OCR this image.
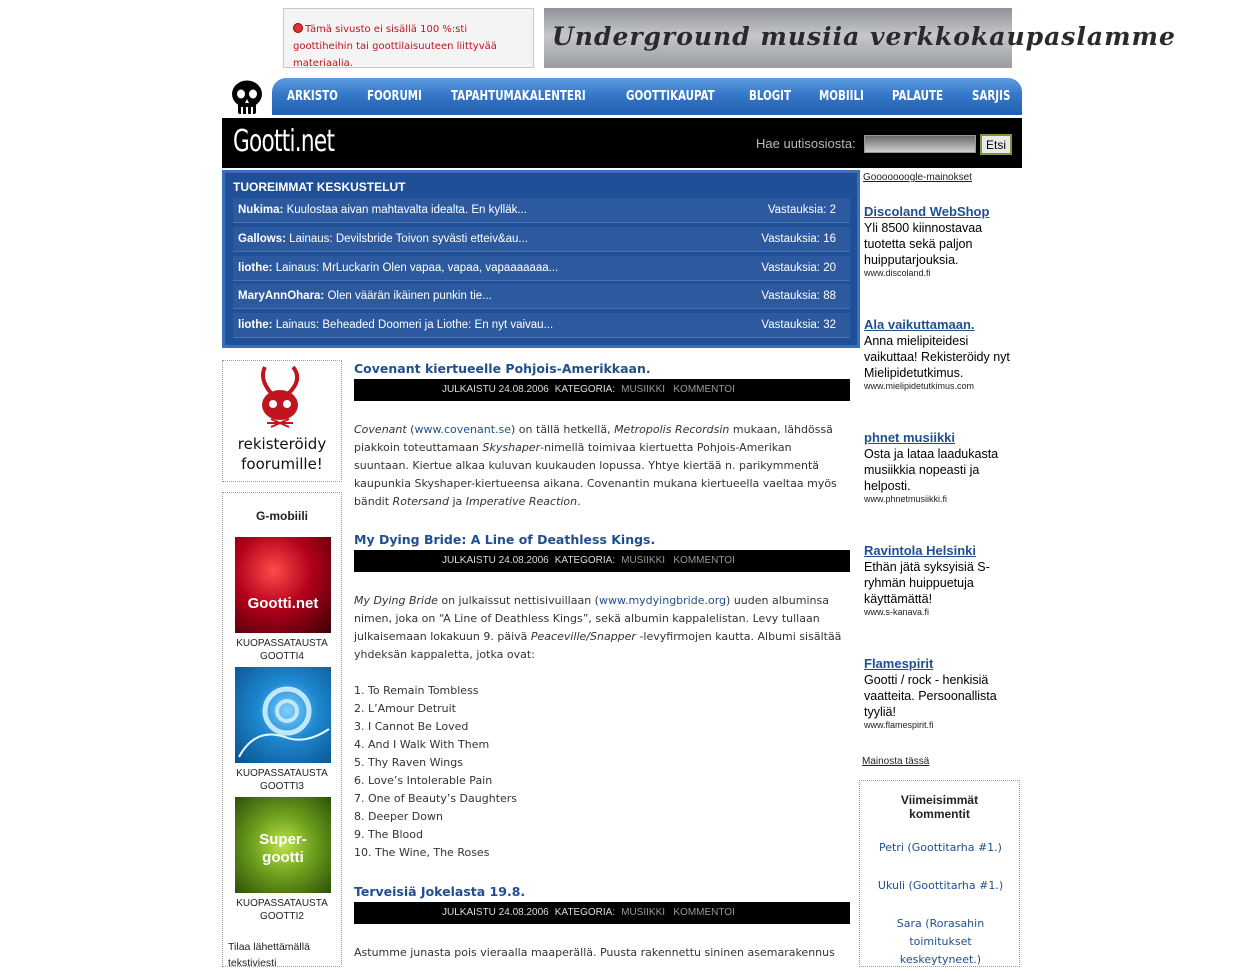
Tämä sivusto ei sisällä 100 %:sti goottiheihin tai goottilaisuuteen liittyvää materiaalia.
Underground musiia verkkokaupaslamme
ARKISTO FOORUMI TAPAHTUMAKALENTERI	GOOTTIKAUPAT	BLOGIT MOBIILI PALAUTE SARJIS
Gootti.net	Hae uutisosiosta:	Etsi
TUOREIMMAT KESKUSTELUT
Nukima: Kuulostaa aivan mahtavalta idealta. En kylläk...	Vastauksia: 2
Gallows: Lainaus: Devilsbride Toivon syvästi etteiv&au...	Vastauksia: 16
liothe: Lainaus: MrLuckarin Olen vapaa, vapaa, vapaaaaaaa...	Vastauksia: 20
MaryAnnOhara: Olen väärän ikäinen punkin tie...	Vastauksia: 88
liothe: Lainaus: Beheaded Doomeri ja Liothe: En nyt vaivau...	Vastauksia: 32
rekisteröidy
foorumille!
G-mobiili
Gootti.net
KUOPASSATAUSTA
GOOTTI4
KUOPASSATAUSTA
GOOTTI3
Super-gootti
KUOPASSATAUSTA
GOOTTI2
Tilaa lähettämällä
tekstiviesti
Covenant kiertueelle Pohjois-Amerikkaan.
JULKAISTU 24.08.2006 KATEGORIA: MUSIIKKI KOMMENTOI
Covenant (www.covenant.se) on tällä hetkellä, Metropolis Recordsin mukaan, lähdössä piakkoin toteuttamaan Skyshaper-nimellä toimivaa kiertuetta Pohjois-Amerikan suuntaan. Kiertue alkaa kuluvan kuukauden lopussa. Yhtye kiertää n. parikymmentä kaupunkia Skyshaper-kiertueensa aikana. Covenantin mukana kiertueella vaeltaa myös bändit Rotersand ja Imperative Reaction.
My Dying Bride: A Line of Deathless Kings.
JULKAISTU 24.08.2006 KATEGORIA: MUSIIKKI KOMMENTOI
My Dying Bride on julkaissut nettisivuillaan (www.mydyingbride.org) uuden albuminsa nimen, joka on “A Line of Deathless Kings”, sekä albumin kappalelistan. Levy tullaan julkaisemaan lokakuun 9. päivä Peaceville/Snapper -levyfirmojen kautta. Albumi sisältää yhdeksän kappaletta, jotka ovat:
1. To Remain Tombless
2. L’Amour Detruit
3. I Cannot Be Loved
4. And I Walk With Them
5. Thy Raven Wings
6. Love’s Intolerable Pain
7. One of Beauty’s Daughters
8. Deeper Down
9. The Blood
10. The Wine, The Roses
Terveisiä Jokelasta 19.8.
JULKAISTU 24.08.2006 KATEGORIA: MUSIIKKI KOMMENTOI
Astumme junasta pois vieraalla maaperällä. Puusta rakennettu sininen asemarakennus
Gooooooogle-mainokset
Discoland WebShop
Yli 8500 kiinnostavaa tuotetta sekä paljon huipputarjouksia.
www.discoland.fi
Ala vaikuttamaan.
Anna mielipiteidesi vaikuttaa! Rekisteröidy nyt Mielipidetutkimus.
www.mielipidetutkimus.com
phnet musiikki
Osta ja lataa laadukasta musiikkia nopeasti ja helposti.
www.phnetmusiikki.fi
Ravintola Helsinki
Ethän jätä syksyisiä S-ryhmän huippuetuja käyttämättä!
www.s-kanava.fi
Flamespirit
Gootti / rock - henkisiä vaatteita. Persoonallista tyyliä!
www.flamespirit.fi
Mainosta tässä
Viimeisimmät
kommentit
Petri (Goottitarha #1.)
Ukuli (Goottitarha #1.)
Sara (Rorasahin toimitukset keskeytyneet.)
